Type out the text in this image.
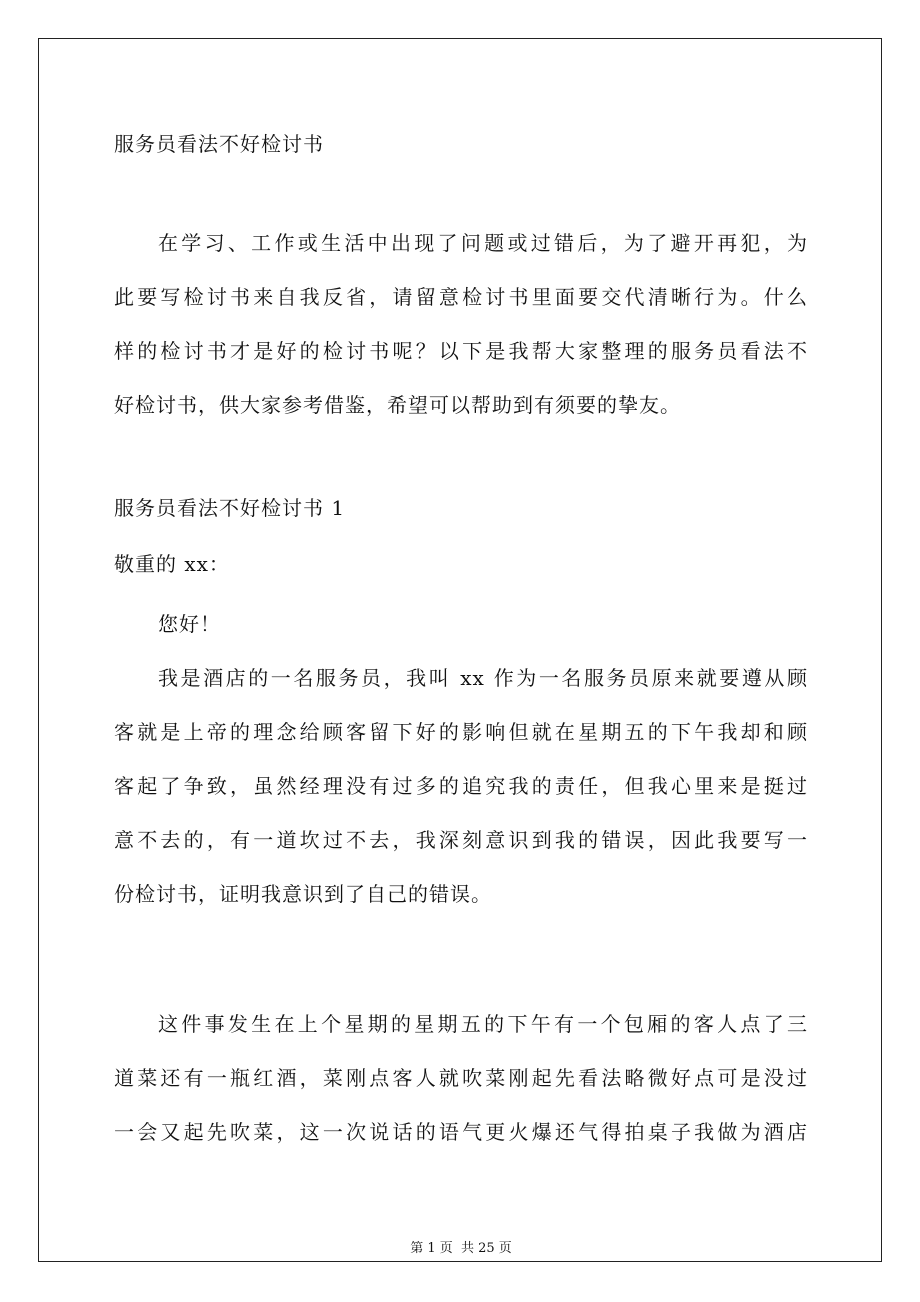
服务员看法不好检讨书
在学习、工作或生活中出现了问题或过错后，为了避开再犯，为
此要写检讨书来自我反省，请留意检讨书里面要交代清晰行为。什么
样的检讨书才是好的检讨书呢？以下是我帮大家整理的服务员看法不
好检讨书，供大家参考借鉴，希望可以帮助到有须要的挚友。
服务员看法不好检讨书 1
敬重的 xx：
您好！
我是酒店的一名服务员，我叫 xx 作为一名服务员原来就要遵从顾
客就是上帝的理念给顾客留下好的影响但就在星期五的下午我却和顾
客起了争致，虽然经理没有过多的追究我的责任，但我心里来是挺过
意不去的，有一道坎过不去，我深刻意识到我的错误，因此我要写一
份检讨书，证明我意识到了自己的错误。
这件事发生在上个星期的星期五的下午有一个包厢的客人点了三
道菜还有一瓶红酒，菜刚点客人就吹菜刚起先看法略微好点可是没过
一会又起先吹菜，这一次说话的语气更火爆还气得拍桌子我做为酒店
第 1 页 共 25 页
